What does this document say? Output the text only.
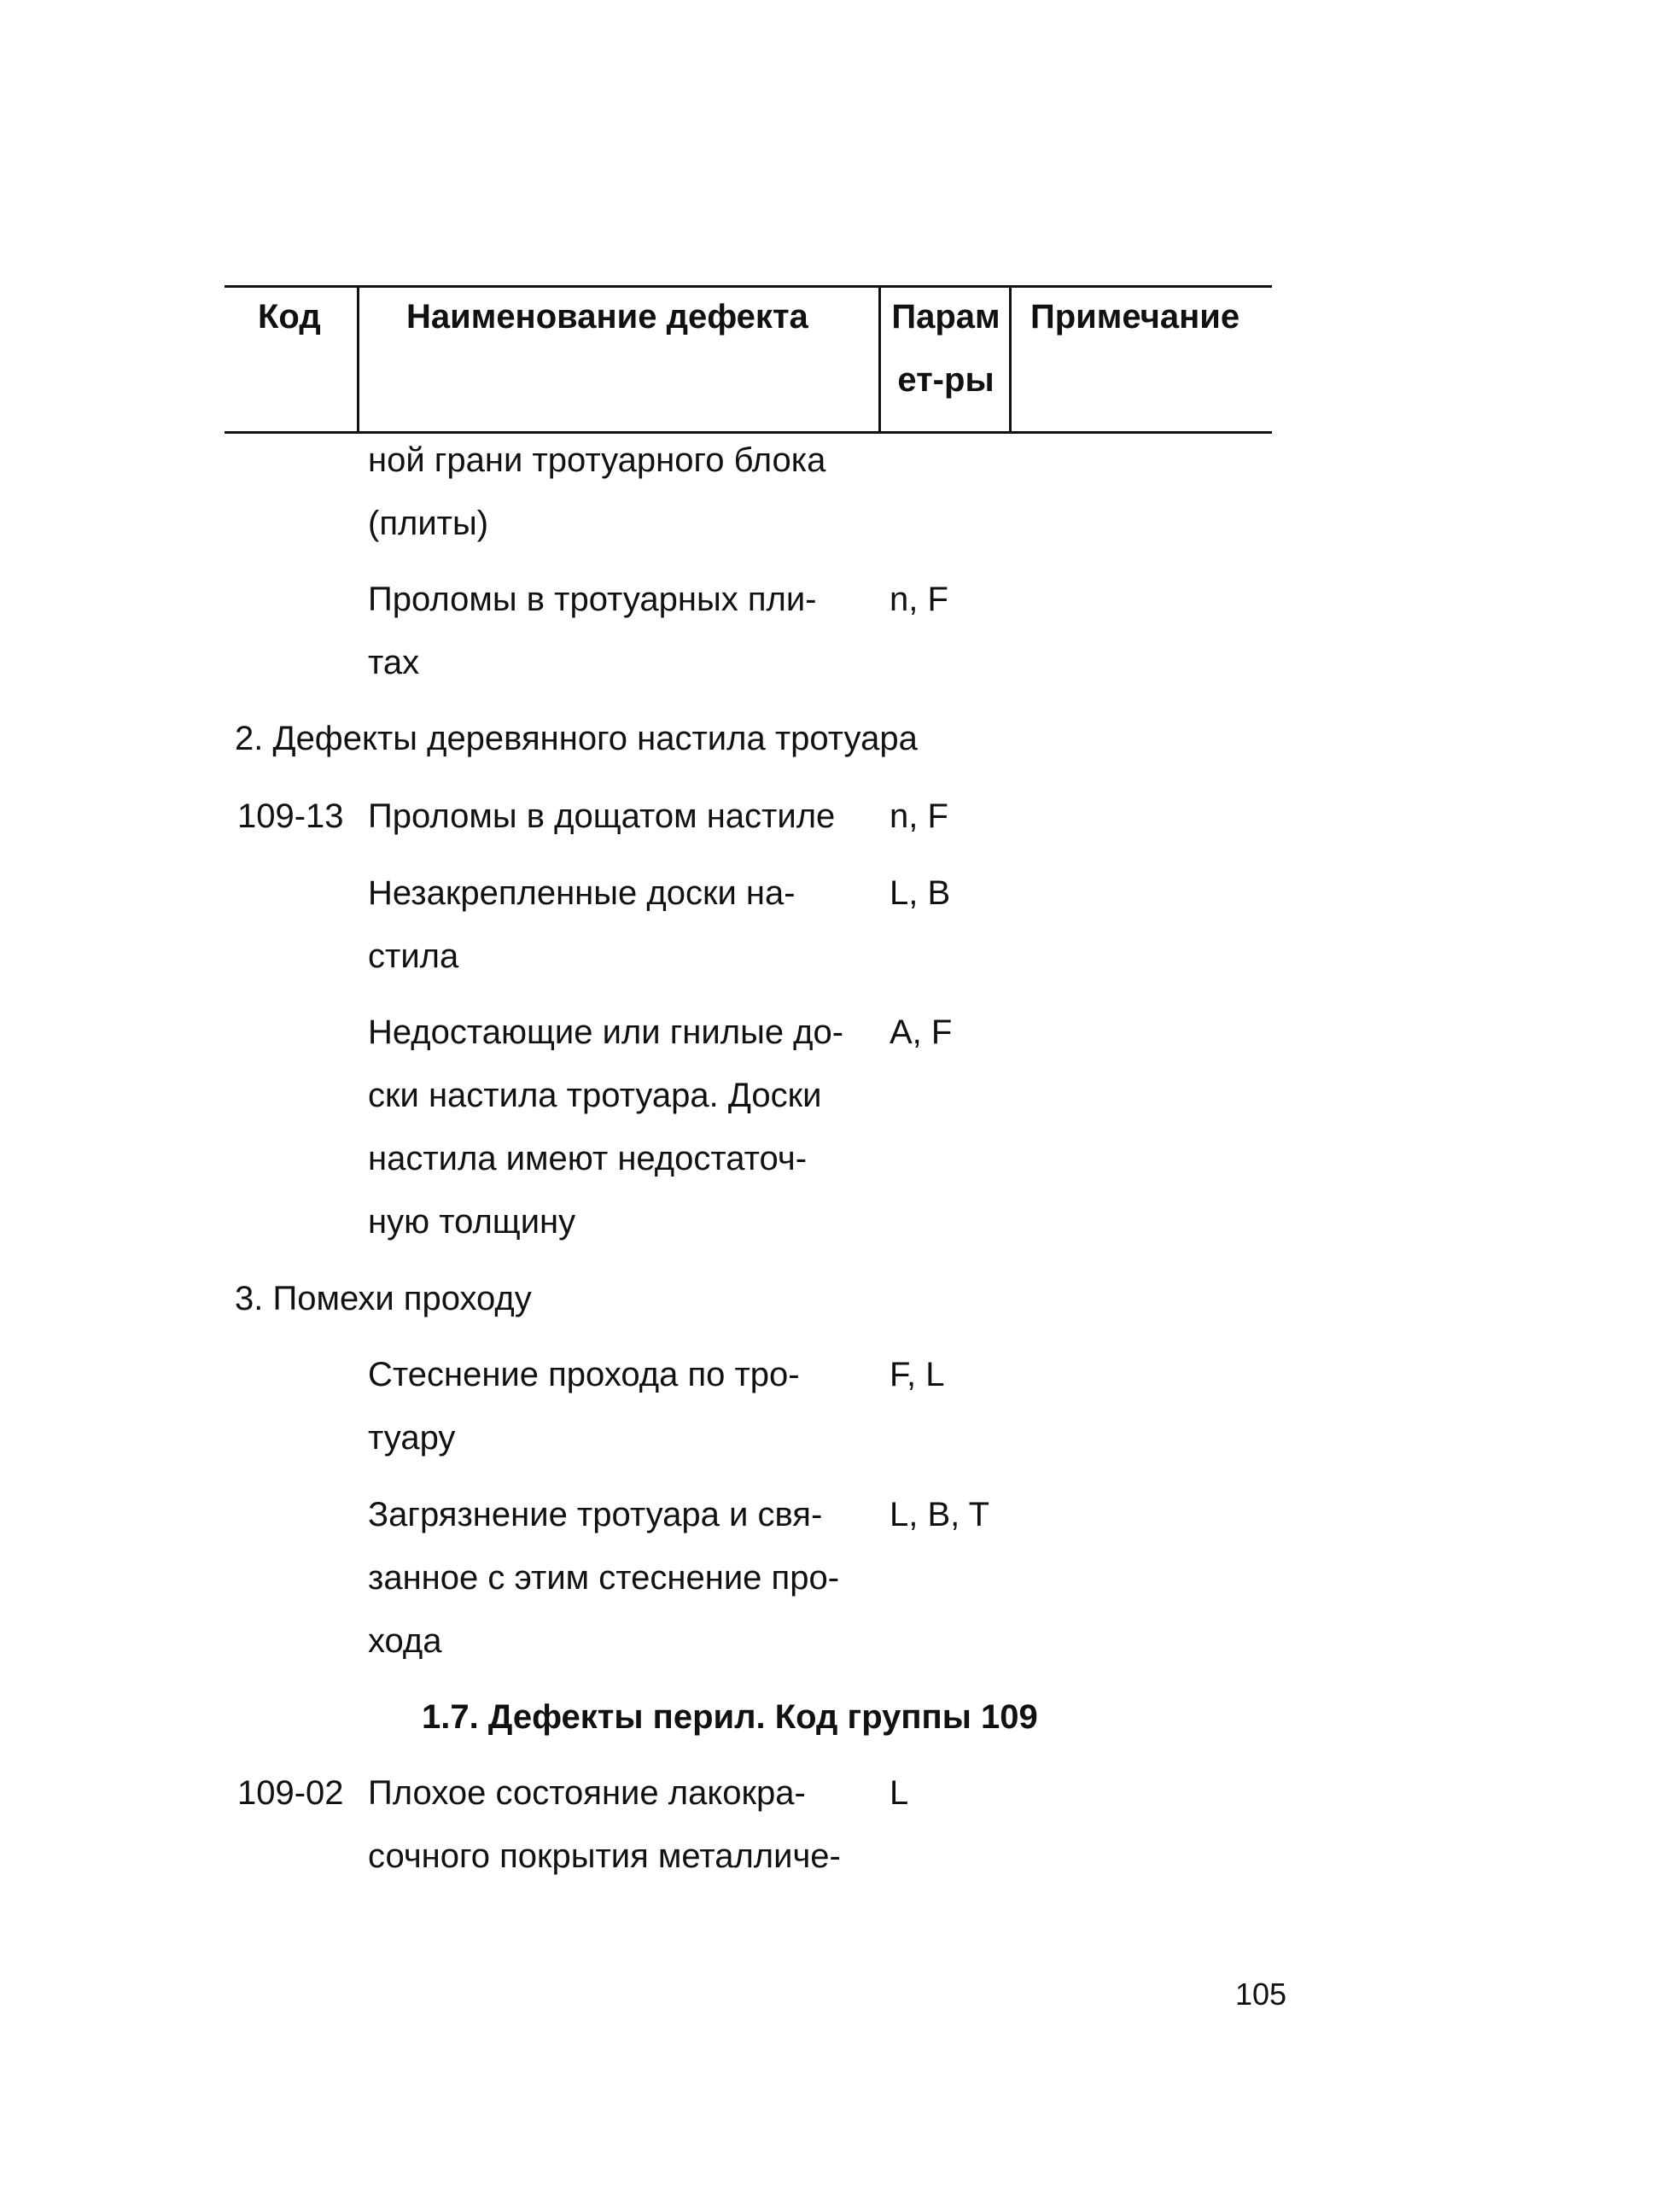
Код	Наименование дефекта Парам
ет-ры
Примечание
ной грани тротуарного блока
(плиты)
Проломы в тротуарных пли-
тах
n, F
2. Дефекты деревянного настила тротуара
109-13 Проломы в дощатом настиле n, F
Незакрепленные доски на-
стила
L, B
Недостающие или гнилые до-
ски настила тротуара. Доски
настила имеют недостаточ-
ную толщину
A, F
3. Помехи проходу
Стеснение прохода по тро-
туару
F, L
Загрязнение тротуара и свя-
занное с этим стеснение про-
хода
L, B, T
1.7. Дефекты перил. Код группы 109
109-02 Плохое состояние лакокра-
сочного покрытия металличе-
L
105
